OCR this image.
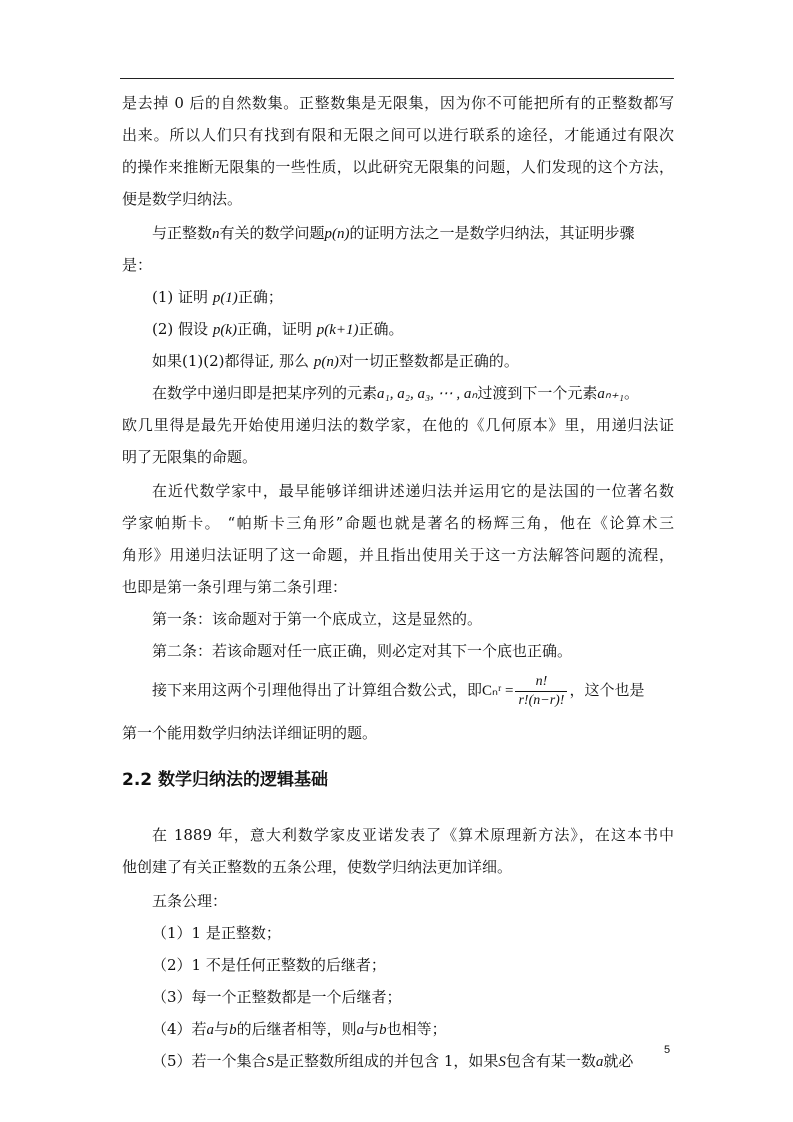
是去掉 0 后的自然数集。正整数集是无限集，因为你不可能把所有的正整数都写
出来。所以人们只有找到有限和无限之间可以进行联系的途径，才能通过有限次
的操作来推断无限集的一些性质，以此研究无限集的问题，人们发现的这个方法，
便是数学归纳法。
与正整数n有关的数学问题p(n)的证明方法之一是数学归纳法，其证明步骤
是：
(1) 证明 p(1)正确；
(2) 假设 p(k)正确，证明 p(k+1)正确。
如果(1)(2)都得证, 那么 p(n)对一切正整数都是正确的。
在数学中递归即是把某序列的元素a₁, a₂, a₃, ⋯ , aₙ过渡到下一个元素aₙ₊₁。
欧几里得是最先开始使用递归法的数学家，在他的《几何原本》里，用递归法证
明了无限集的命题。
在近代数学家中，最早能够详细讲述递归法并运用它的是法国的一位著名数
学家帕斯卡。 “帕斯卡三角形”命题也就是著名的杨辉三角，他在《论算术三
角形》用递归法证明了这一命题，并且指出使用关于这一方法解答问题的流程，
也即是第一条引理与第二条引理：
第一条：该命题对于第一个底成立，这是显然的。
第二条：若该命题对任一底正确，则必定对其下一个底也正确。
接下来用这两个引理他得出了计算组合数公式，即Cₙʳ = $\frac{n!}{r!(n-r)!}$ ，这个也是
第一个能用数学归纳法详细证明的题。
2.2 数学归纳法的逻辑基础
在 1889 年，意大利数学家皮亚诺发表了《算术原理新方法》，在这本书中
他创建了有关正整数的五条公理，使数学归纳法更加详细。
五条公理：
（1）1 是正整数；
（2）1 不是任何正整数的后继者；
（3）每一个正整数都是一个后继者；
（4）若a与b的后继者相等，则a与b也相等；
（5）若一个集合S是正整数所组成的并包含 1，如果S包含有某一数a就必
5
